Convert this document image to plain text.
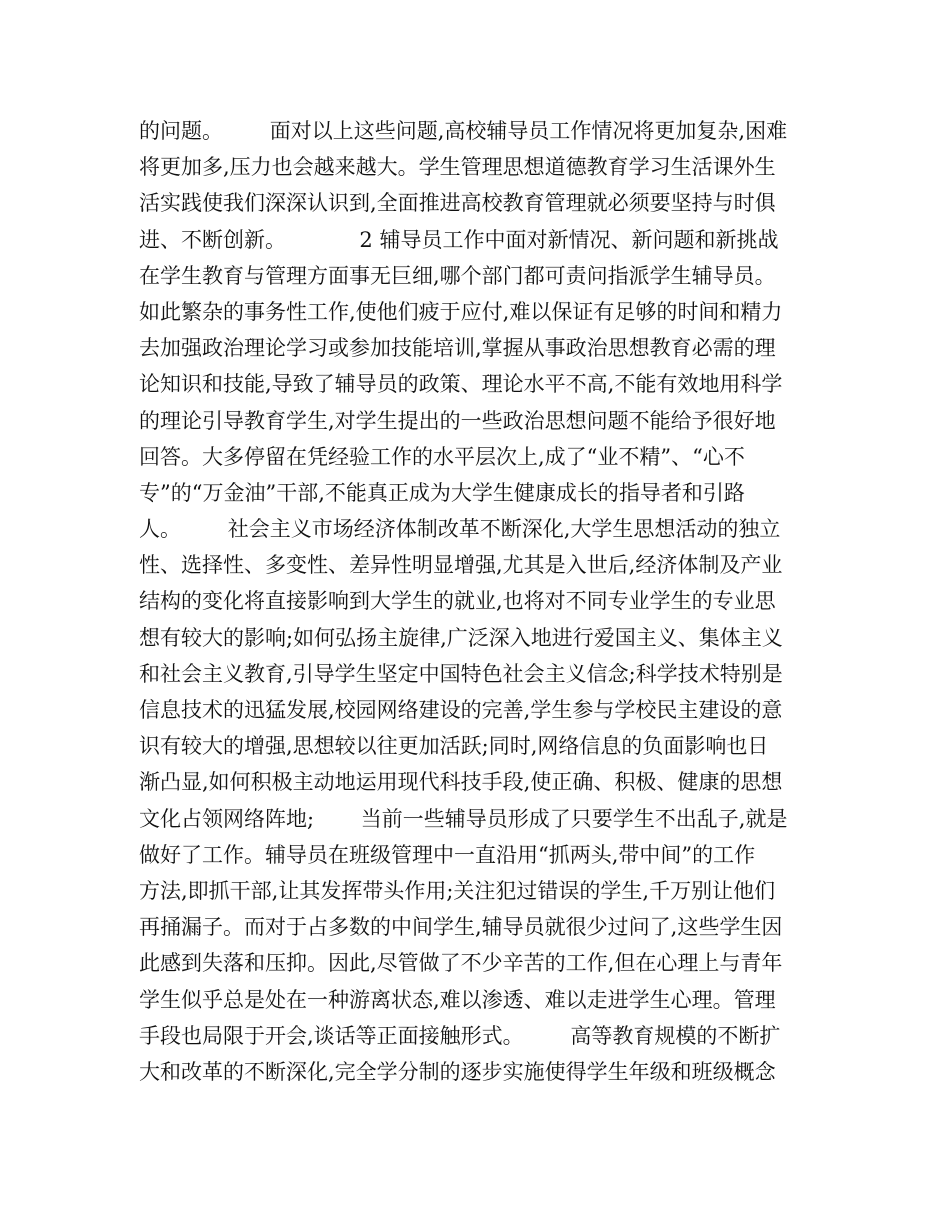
的问题。       面对以上这些问题,高校辅导员工作情况将更加复杂,困难
将更加多,压力也会越来越大。学生管理思想道德教育学习生活课外生
活实践使我们深深认识到,全面推进高校教育管理就必须要坚持与时俱
进、不断创新。           2 辅导员工作中面对新情况、新问题和新挑战
在学生教育与管理方面事无巨细,哪个部门都可责问指派学生辅导员。
如此繁杂的事务性工作,使他们疲于应付,难以保证有足够的时间和精力
去加强政治理论学习或参加技能培训,掌握从事政治思想教育必需的理
论知识和技能,导致了辅导员的政策、理论水平不高,不能有效地用科学
的理论引导教育学生,对学生提出的一些政治思想问题不能给予很好地
回答。大多停留在凭经验工作的水平层次上,成了“业不精”、“心不
专”的“万金油”干部,不能真正成为大学生健康成长的指导者和引路
人。       社会主义市场经济体制改革不断深化,大学生思想活动的独立
性、选择性、多变性、差异性明显增强,尤其是入世后,经济体制及产业
结构的变化将直接影响到大学生的就业,也将对不同专业学生的专业思
想有较大的影响;如何弘扬主旋律,广泛深入地进行爱国主义、集体主义
和社会主义教育,引导学生坚定中国特色社会主义信念;科学技术特别是
信息技术的迅猛发展,校园网络建设的完善,学生参与学校民主建设的意
识有较大的增强,思想较以往更加活跃;同时,网络信息的负面影响也日
渐凸显,如何积极主动地运用现代科技手段,使正确、积极、健康的思想
文化占领网络阵地;       当前一些辅导员形成了只要学生不出乱子,就是
做好了工作。辅导员在班级管理中一直沿用“抓两头,带中间”的工作
方法,即抓干部,让其发挥带头作用;关注犯过错误的学生,千万别让他们
再捅漏子。而对于占多数的中间学生,辅导员就很少过问了,这些学生因
此感到失落和压抑。因此,尽管做了不少辛苦的工作,但在心理上与青年
学生似乎总是处在一种游离状态,难以渗透、难以走进学生心理。管理
手段也局限于开会,谈话等正面接触形式。       高等教育规模的不断扩
大和改革的不断深化,完全学分制的逐步实施使得学生年级和班级概念
